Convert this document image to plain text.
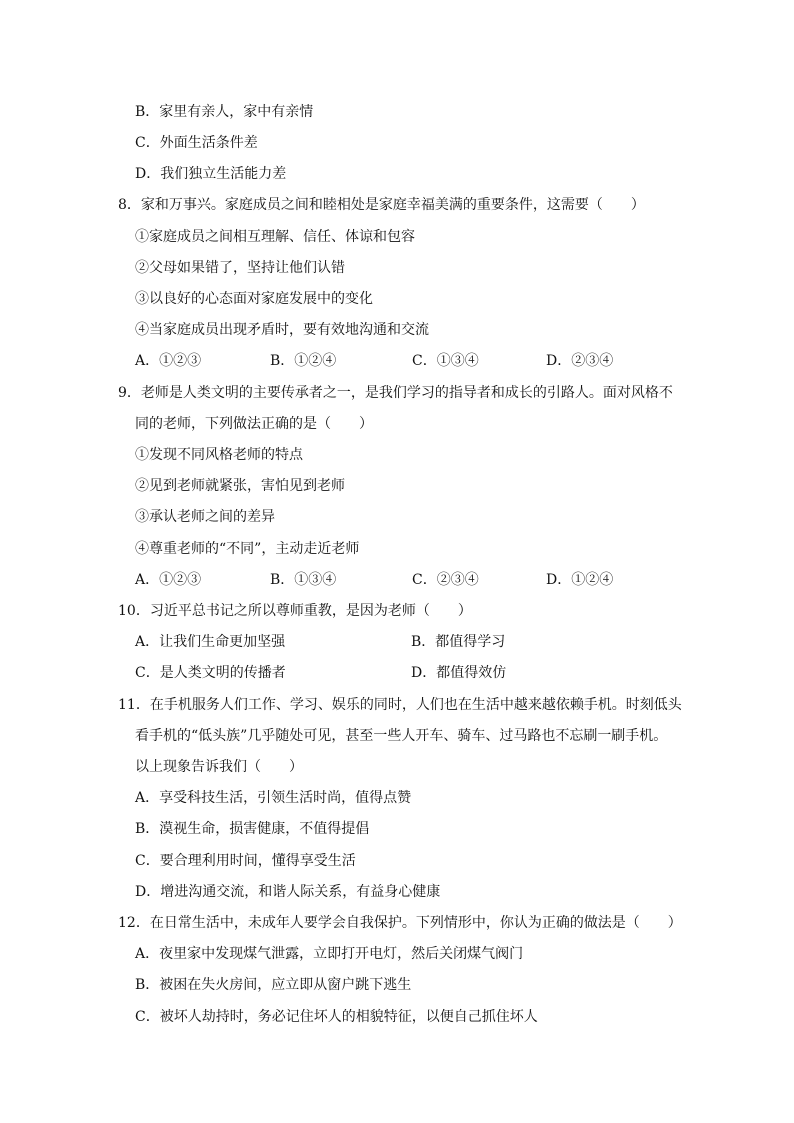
B．家里有亲人，家中有亲情
C．外面生活条件差
D．我们独立生活能力差
8．家和万事兴。家庭成员之间和睦相处是家庭幸福美满的重要条件，这需要（　　）
①家庭成员之间相互理解、信任、体谅和包容
②父母如果错了，坚持让他们认错
③以良好的心态面对家庭发展中的变化
④当家庭成员出现矛盾时，要有效地沟通和交流
A．①②③	B．①②④	C．①③④	D．②③④
9．老师是人类文明的主要传承者之一，是我们学习的指导者和成长的引路人。面对风格不
同的老师，下列做法正确的是（　　）
①发现不同风格老师的特点
②见到老师就紧张，害怕见到老师
③承认老师之间的差异
④尊重老师的“不同”，主动走近老师
A．①②③	B．①③④	C．②③④	D．①②④
10．习近平总书记之所以尊师重教，是因为老师（　　）
A．让我们生命更加坚强	B．都值得学习
C．是人类文明的传播者	D．都值得效仿
11．在手机服务人们工作、学习、娱乐的同时，人们也在生活中越来越依赖手机。时刻低头
看手机的“低头族”几乎随处可见，甚至一些人开车、骑车、过马路也不忘刷一刷手机。
以上现象告诉我们（　　）
A．享受科技生活，引领生活时尚，值得点赞
B．漠视生命，损害健康，不值得提倡
C．要合理利用时间，懂得享受生活
D．增进沟通交流，和谐人际关系，有益身心健康
12．在日常生活中，未成年人要学会自我保护。下列情形中，你认为正确的做法是（　　）
A．夜里家中发现煤气泄露，立即打开电灯，然后关闭煤气阀门
B．被困在失火房间，应立即从窗户跳下逃生
C．被坏人劫持时，务必记住坏人的相貌特征，以便自己抓住坏人
